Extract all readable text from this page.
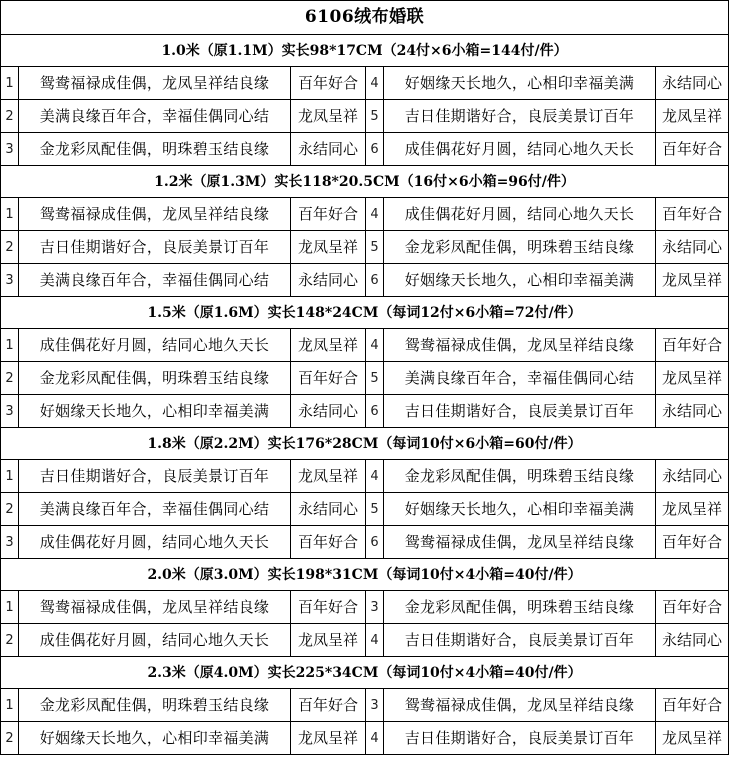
6106绒布婚联					
1.0米（原1.1M）实长98*17CM（24付×6小箱=144付/件）					
1	鸳鸯福禄成佳偶，龙凤呈祥结良缘	百年好合	4	好姻缘天长地久，心相印幸福美满	永结同心
2	美满良缘百年合，幸福佳偶同心结	龙凤呈祥	5	吉日佳期谐好合，良辰美景订百年	龙凤呈祥
3	金龙彩凤配佳偶，明珠碧玉结良缘	永结同心	6	成佳偶花好月圆，结同心地久天长	百年好合
1.2米（原1.3M）实长118*20.5CM（16付×6小箱=96付/件）					
1	鸳鸯福禄成佳偶，龙凤呈祥结良缘	百年好合	4	成佳偶花好月圆，结同心地久天长	百年好合
2	吉日佳期谐好合，良辰美景订百年	龙凤呈祥	5	金龙彩凤配佳偶，明珠碧玉结良缘	永结同心
3	美满良缘百年合，幸福佳偶同心结	永结同心	6	好姻缘天长地久，心相印幸福美满	龙凤呈祥
1.5米（原1.6M）实长148*24CM（每词12付×6小箱=72付/件）					
1	成佳偶花好月圆，结同心地久天长	龙凤呈祥	4	鸳鸯福禄成佳偶，龙凤呈祥结良缘	百年好合
2	金龙彩凤配佳偶，明珠碧玉结良缘	百年好合	5	美满良缘百年合，幸福佳偶同心结	龙凤呈祥
3	好姻缘天长地久，心相印幸福美满	永结同心	6	吉日佳期谐好合，良辰美景订百年	永结同心
1.8米（原2.2M）实长176*28CM（每词10付×6小箱=60付/件）					
1	吉日佳期谐好合，良辰美景订百年	龙凤呈祥	4	金龙彩凤配佳偶，明珠碧玉结良缘	永结同心
2	美满良缘百年合，幸福佳偶同心结	永结同心	5	好姻缘天长地久，心相印幸福美满	龙凤呈祥
3	成佳偶花好月圆，结同心地久天长	百年好合	6	鸳鸯福禄成佳偶，龙凤呈祥结良缘	百年好合
2.0米（原3.0M）实长198*31CM（每词10付×4小箱=40付/件）					
1	鸳鸯福禄成佳偶，龙凤呈祥结良缘	百年好合	3	金龙彩凤配佳偶，明珠碧玉结良缘	百年好合
2	成佳偶花好月圆，结同心地久天长	龙凤呈祥	4	吉日佳期谐好合，良辰美景订百年	永结同心
2.3米（原4.0M）实长225*34CM（每词10付×4小箱=40付/件）					
1	金龙彩凤配佳偶，明珠碧玉结良缘	百年好合	3	鸳鸯福禄成佳偶，龙凤呈祥结良缘	百年好合
2	好姻缘天长地久，心相印幸福美满	龙凤呈祥	4	吉日佳期谐好合，良辰美景订百年	龙凤呈祥
